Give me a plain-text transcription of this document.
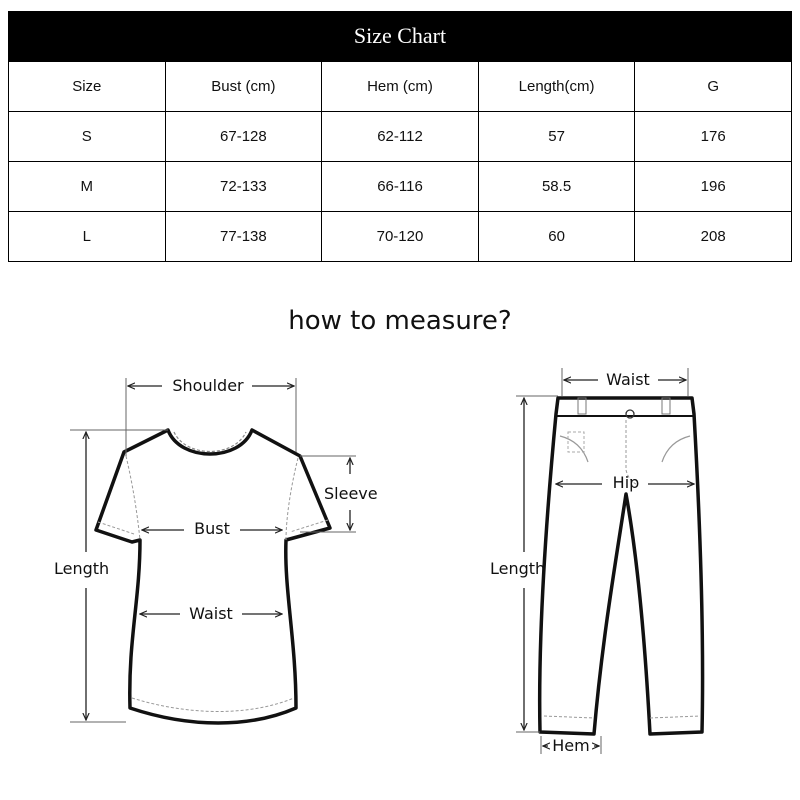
Size Chart
Size	Bust (cm)	Hem (cm)	Length(cm)	G
S	67-128	62-112	57	176
M	72-133	66-116	58.5	196
L	77-138	70-120	60	208
how to measure?
Shoulder
Sleeve
Bust
Length
Waist
Waist
Hip
Length
Hem
